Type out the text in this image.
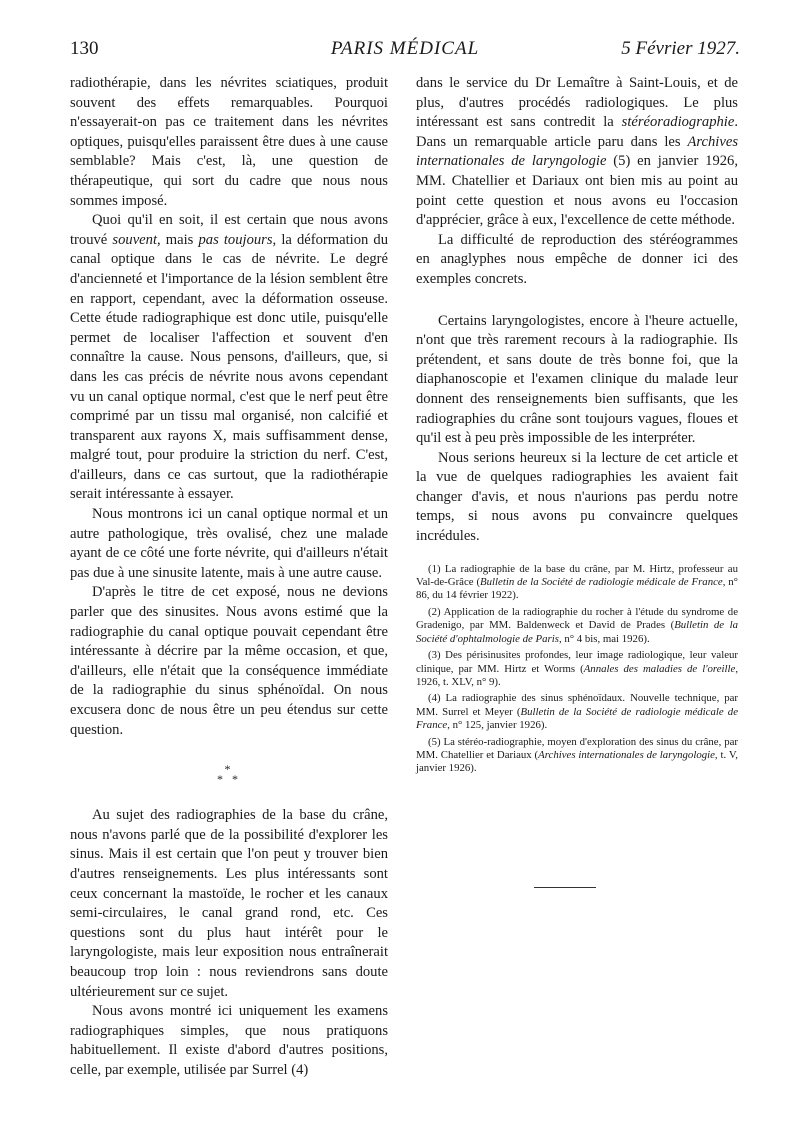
130	PARIS MÉDICAL	5 Février 1927.

radiothérapie, dans les névrites sciatiques, produit souvent des effets remarquables. Pourquoi n'essayerait-on pas ce traitement dans les névrites optiques, puisqu'elles paraissent être dues à une cause semblable? Mais c'est, là, une question de thérapeutique, qui sort du cadre que nous nous sommes imposé.

Quoi qu'il en soit, il est certain que nous avons trouvé souvent, mais pas toujours, la déformation du canal optique dans le cas de névrite. Le degré d'ancienneté et l'importance de la lésion semblent être en rapport, cependant, avec la déformation osseuse. Cette étude radiographique est donc utile, puisqu'elle permet de localiser l'affection et souvent d'en connaître la cause. Nous pensons, d'ailleurs, que, si dans les cas précis de névrite nous avons cependant vu un canal optique normal, c'est que le nerf peut être comprimé par un tissu mal organisé, non calcifié et transparent aux rayons X, mais suffisamment dense, malgré tout, pour produire la striction du nerf. C'est, d'ailleurs, dans ce cas surtout, que la radiothérapie serait intéressante à essayer.

Nous montrons ici un canal optique normal et un autre pathologique, très ovalisé, chez une malade ayant de ce côté une forte névrite, qui d'ailleurs n'était pas due à une sinusite latente, mais à une autre cause.

D'après le titre de cet exposé, nous ne devions parler que des sinusites. Nous avons estimé que la radiographie du canal optique pouvait cependant être intéressante à décrire par la même occasion, et que, d'ailleurs, elle n'était que la conséquence immédiate de la radiographie du sinus sphénoïdal. On nous excusera donc de nous être un peu étendus sur cette question.

*
* *

Au sujet des radiographies de la base du crâne, nous n'avons parlé que de la possibilité d'explorer les sinus. Mais il est certain que l'on peut y trouver bien d'autres renseignements. Les plus intéressants sont ceux concernant la mastoïde, le rocher et les canaux semi-circulaires, le canal grand rond, etc. Ces questions sont du plus haut intérêt pour le laryngologiste, mais leur exposition nous entraînerait beaucoup trop loin : nous reviendrons sans doute ultérieurement sur ce sujet.

Nous avons montré ici uniquement les examens radiographiques simples, que nous pratiquons habituellement. Il existe d'abord d'autres positions, celle, par exemple, utilisée par Surrel (4)

dans le service du Dr Lemaître à Saint-Louis, et de plus, d'autres procédés radiologiques. Le plus intéressant est sans contredit la stéréoradiographie. Dans un remarquable article paru dans les Archives internationales de laryngologie (5) en janvier 1926, MM. Chatellier et Dariaux ont bien mis au point au point cette question et nous avons eu l'occasion d'apprécier, grâce à eux, l'excellence de cette méthode.

La difficulté de reproduction des stéréogrammes en anaglyphes nous empêche de donner ici des exemples concrets.

Certains laryngologistes, encore à l'heure actuelle, n'ont que très rarement recours à la radiographie. Ils prétendent, et sans doute de très bonne foi, que la diaphanoscopie et l'examen clinique du malade leur donnent des renseignements bien suffisants, que les radiographies du crâne sont toujours vagues, floues et qu'il est à peu près impossible de les interpréter.

Nous serions heureux si la lecture de cet article et la vue de quelques radiographies les avaient fait changer d'avis, et nous n'aurions pas perdu notre temps, si nous avons pu convaincre quelques incrédules.

(1) La radiographie de la base du crâne, par M. Hirtz, professeur au Val-de-Grâce (Bulletin de la Société de radiologie médicale de France, n° 86, du 14 février 1922).

(2) Application de la radiographie du rocher à l'étude du syndrome de Gradenigo, par MM. Baldenweck et David de Prades (Bulletin de la Société d'ophtalmologie de Paris, n° 4 bis, mai 1926).

(3) Des périsinusites profondes, leur image radiologique, leur valeur clinique, par MM. Hirtz et Worms (Annales des maladies de l'oreille, 1926, t. XLV, n° 9).

(4) La radiographie des sinus sphénoïdaux. Nouvelle technique, par MM. Surrel et Meyer (Bulletin de la Société de radiologie médicale de France, n° 125, janvier 1926).

(5) La stéréo-radiographie, moyen d'exploration des sinus du crâne, par MM. Chatellier et Dariaux (Archives internationales de laryngologie, t. V, janvier 1926).
